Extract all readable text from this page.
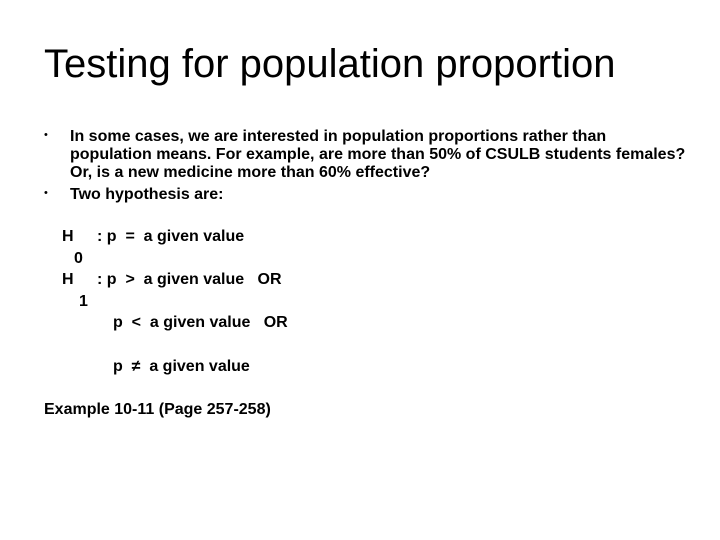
Testing for population proportion
• In some cases, we are interested in population proportions rather than population means. For example, are more than 50% of CSULB students females? Or, is a new medicine more than 60% effective?
• Two hypothesis are:
H
0
: p  =  a given value
H
1
: p  >  a given value   OR
p  <  a given value   OR
p  ≠  a given value
Example 10-11 (Page 257-258)
